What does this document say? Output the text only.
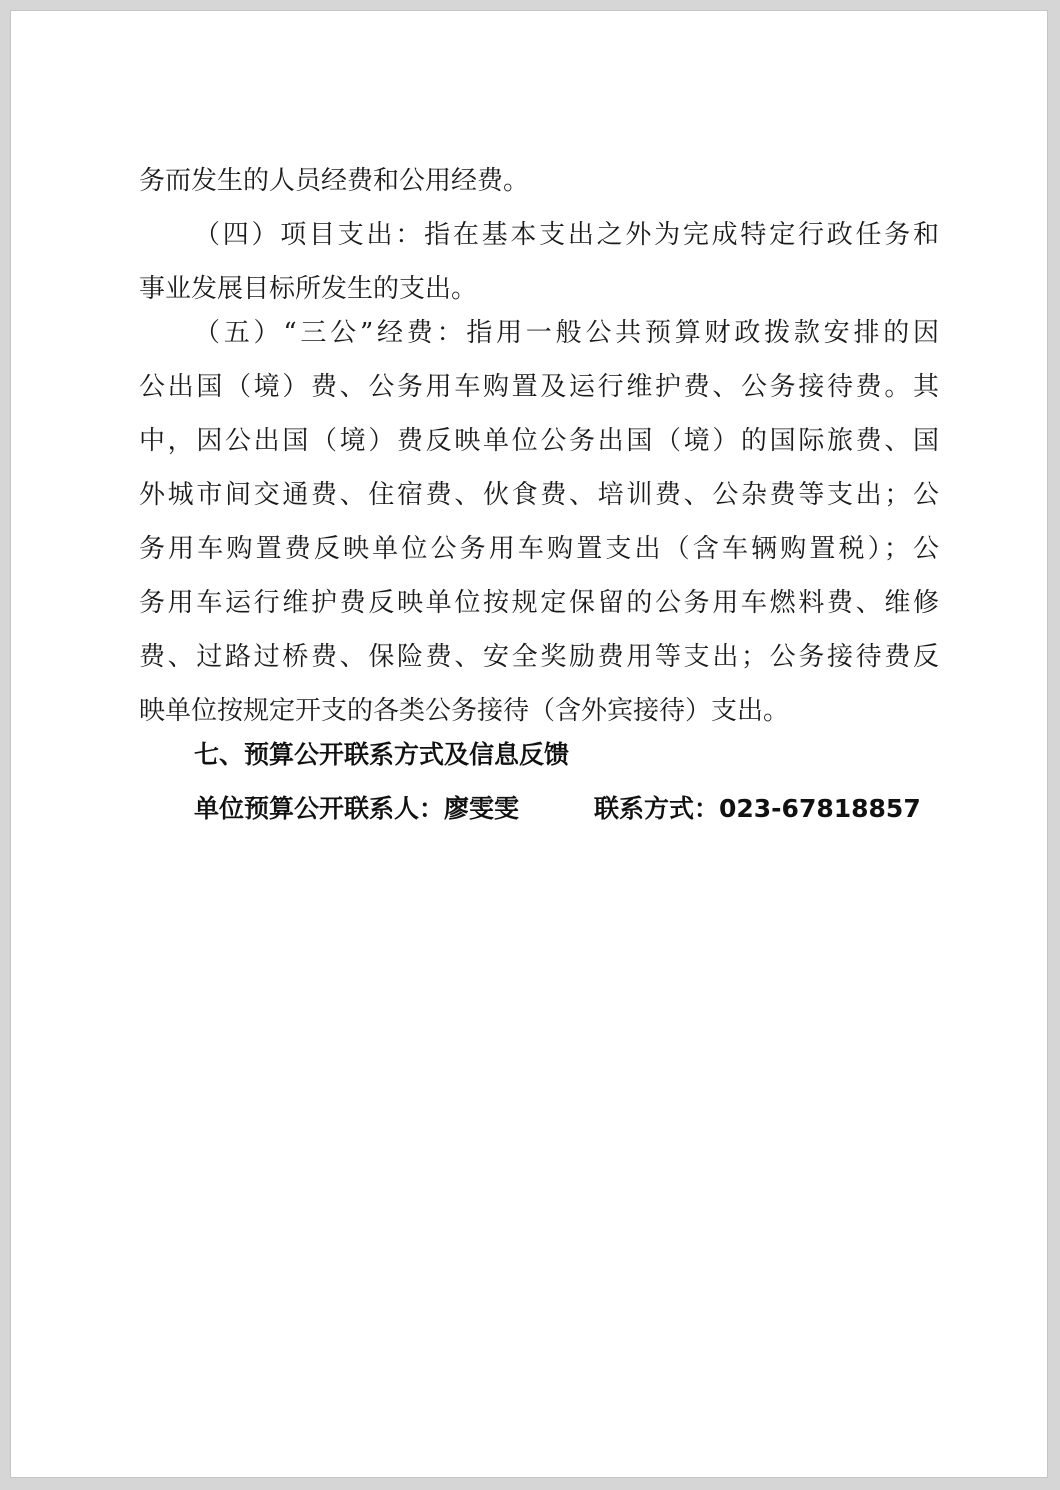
务而发生的人员经费和公用经费。
（四）项目支出：指在基本支出之外为完成特定行政任务和
事业发展目标所发生的支出。
（五）“三公”经费：指用一般公共预算财政拨款安排的因
公出国（境）费、公务用车购置及运行维护费、公务接待费。其
中，因公出国（境）费反映单位公务出国（境）的国际旅费、国
外城市间交通费、住宿费、伙食费、培训费、公杂费等支出；公
务用车购置费反映单位公务用车购置支出（含车辆购置税）；公
务用车运行维护费反映单位按规定保留的公务用车燃料费、维修
费、过路过桥费、保险费、安全奖励费用等支出；公务接待费反
映单位按规定开支的各类公务接待（含外宾接待）支出。
七、预算公开联系方式及信息反馈
单位预算公开联系人：廖雯雯	联系方式：023-67818857
